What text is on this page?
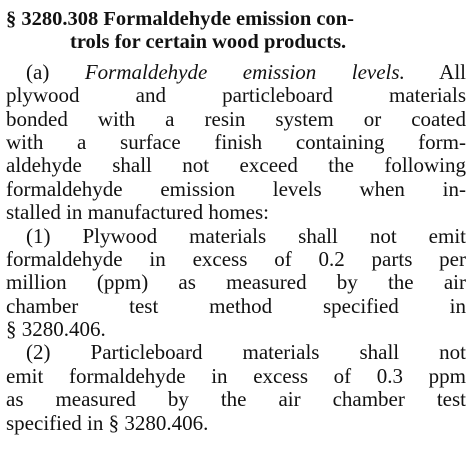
§ 3280.308 Formaldehyde emission con-
trols for certain wood products.
(a) Formaldehyde emission levels. All
plywood and particleboard materials
bonded with a resin system or coated
with a surface finish containing form-
aldehyde shall not exceed the following
formaldehyde emission levels when in-
stalled in manufactured homes:
(1) Plywood materials shall not emit
formaldehyde in excess of 0.2 parts per
million (ppm) as measured by the air
chamber test method specified in
§ 3280.406.
(2) Particleboard materials shall not
emit formaldehyde in excess of 0.3 ppm
as measured by the air chamber test
specified in § 3280.406.
